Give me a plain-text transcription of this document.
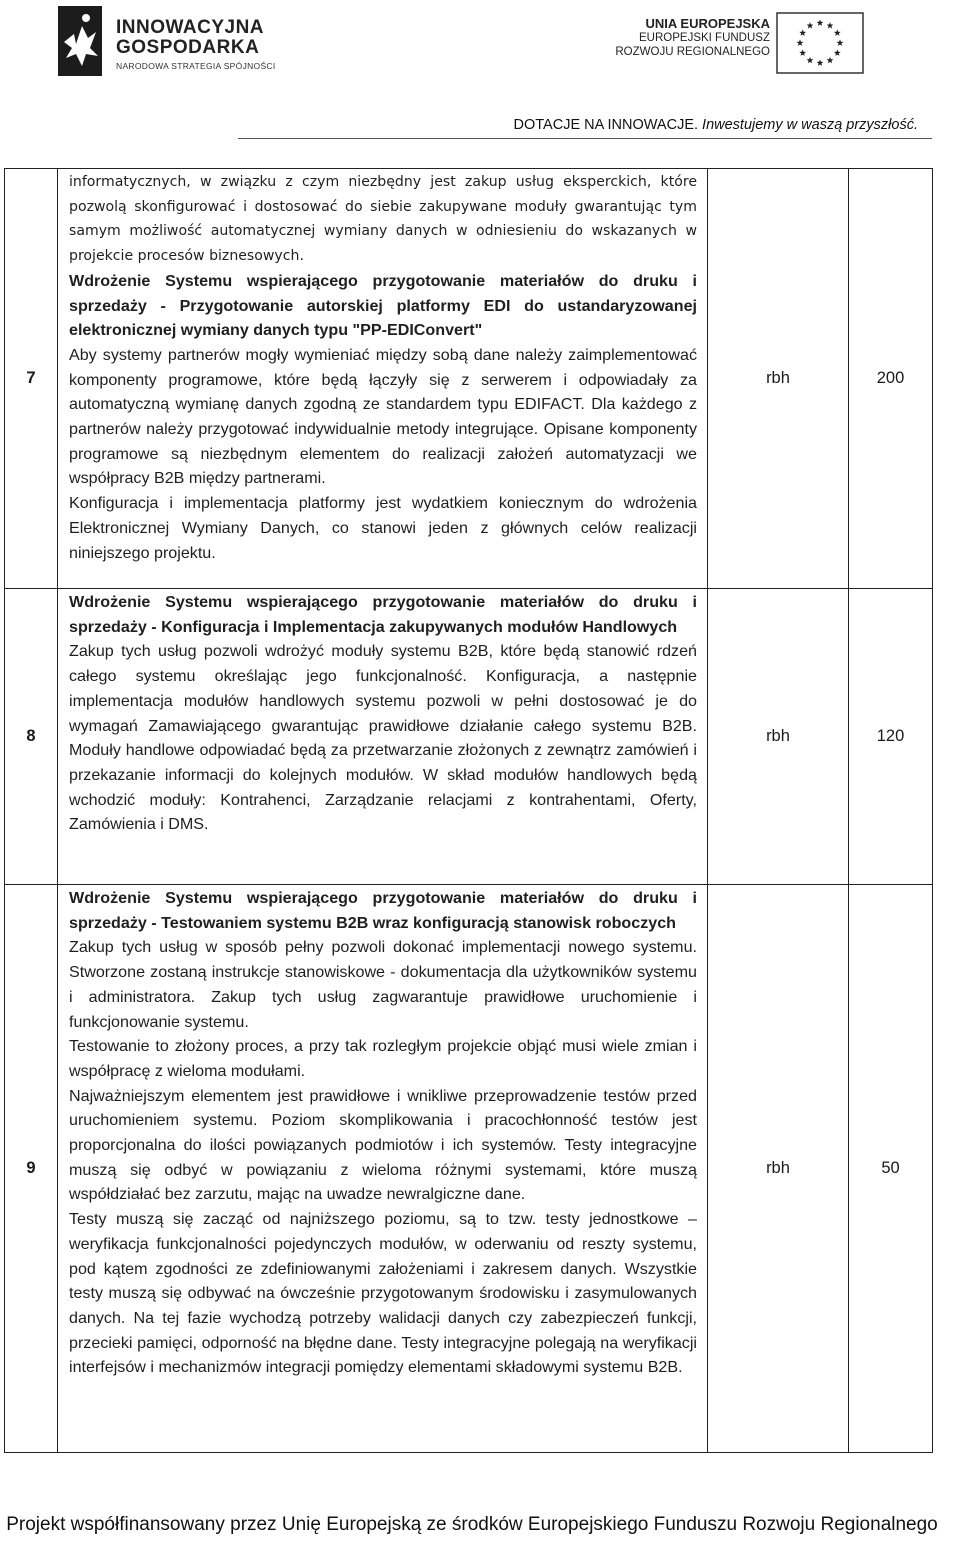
INNOWACYJNA
GOSPODARKA
NARODOWA STRATEGIA SPÓJNOŚCI
UNIA EUROPEJSKA
EUROPEJSKI FUNDUSZ
ROZWOJU REGIONALNEGO
DOTACJE NA INNOWACJE. Inwestujemy w waszą przyszłość.
7	informatycznych, w związku z czym niezbędny jest zakup usług eksperckich, które pozwolą skonfigurować i dostosować do siebie zakupywane moduły gwarantując tym samym możliwość automatycznej wymiany danych w odniesieniu do wskazanych w projekcie procesów biznesowych.

Wdrożenie Systemu wspierającego przygotowanie materiałów do druku i sprzedaży - Przygotowanie autorskiej platformy EDI do ustandaryzowanej elektronicznej wymiany danych typu "PP-EDIConvert"

Aby systemy partnerów mogły wymieniać między sobą dane należy zaimplementować komponenty programowe, które będą łączyły się z serwerem i odpowiadały za automatyczną wymianę danych zgodną ze standardem typu EDIFACT. Dla każdego z partnerów należy przygotować indywidualnie metody integrujące. Opisane komponenty programowe są niezbędnym elementem do realizacji założeń automatyzacji we współpracy B2B między partnerami.

Konfiguracja i implementacja platformy jest wydatkiem koniecznym do wdrożenia Elektronicznej Wymiany Danych, co stanowi jeden z głównych celów realizacji niniejszego projektu.	rbh	200
8	Wdrożenie Systemu wspierającego przygotowanie materiałów do druku i sprzedaży - Konfiguracja i Implementacja zakupywanych modułów Handlowych

Zakup tych usług pozwoli wdrożyć moduły systemu B2B, które będą stanowić rdzeń całego systemu określając jego funkcjonalność. Konfiguracja, a następnie implementacja modułów handlowych systemu pozwoli w pełni dostosować je do wymagań Zamawiającego gwarantując prawidłowe działanie całego systemu B2B. Moduły handlowe odpowiadać będą za przetwarzanie złożonych z zewnątrz zamówień i przekazanie informacji do kolejnych modułów. W skład modułów handlowych będą wchodzić moduły: Kontrahenci, Zarządzanie relacjami z kontrahentami, Oferty, Zamówienia i DMS.	rbh	120
9	Wdrożenie Systemu wspierającego przygotowanie materiałów do druku i sprzedaży - Testowaniem systemu B2B wraz konfiguracją stanowisk roboczych

Zakup tych usług w sposób pełny pozwoli dokonać implementacji nowego systemu. Stworzone zostaną instrukcje stanowiskowe - dokumentacja dla użytkowników systemu i administratora. Zakup tych usług zagwarantuje prawidłowe uruchomienie i funkcjonowanie systemu.

Testowanie to złożony proces, a przy tak rozległym projekcie objąć musi wiele zmian i współpracę z wieloma modułami.

Najważniejszym elementem jest prawidłowe i wnikliwe przeprowadzenie testów przed uruchomieniem systemu. Poziom skomplikowania i pracochłonność testów jest proporcjonalna do ilości powiązanych podmiotów i ich systemów. Testy integracyjne muszą się odbyć w powiązaniu z wieloma różnymi systemami, które muszą współdziałać bez zarzutu, mając na uwadze newralgiczne dane.

Testy muszą się zacząć od najniższego poziomu, są to tzw. testy jednostkowe – weryfikacja funkcjonalności pojedynczych modułów, w oderwaniu od reszty systemu, pod kątem zgodności ze zdefiniowanymi założeniami i zakresem danych. Wszystkie testy muszą się odbywać na ówcześnie przygotowanym środowisku i zasymulowanych danych. Na tej fazie wychodzą potrzeby walidacji danych czy zabezpieczeń funkcji, przecieki pamięci, odporność na błędne dane. Testy integracyjne polegają na weryfikacji interfejsów i mechanizmów integracji pomiędzy elementami składowymi systemu B2B.	rbh	50
Projekt współfinansowany przez Unię Europejską ze środków Europejskiego Funduszu Rozwoju Regionalnego
